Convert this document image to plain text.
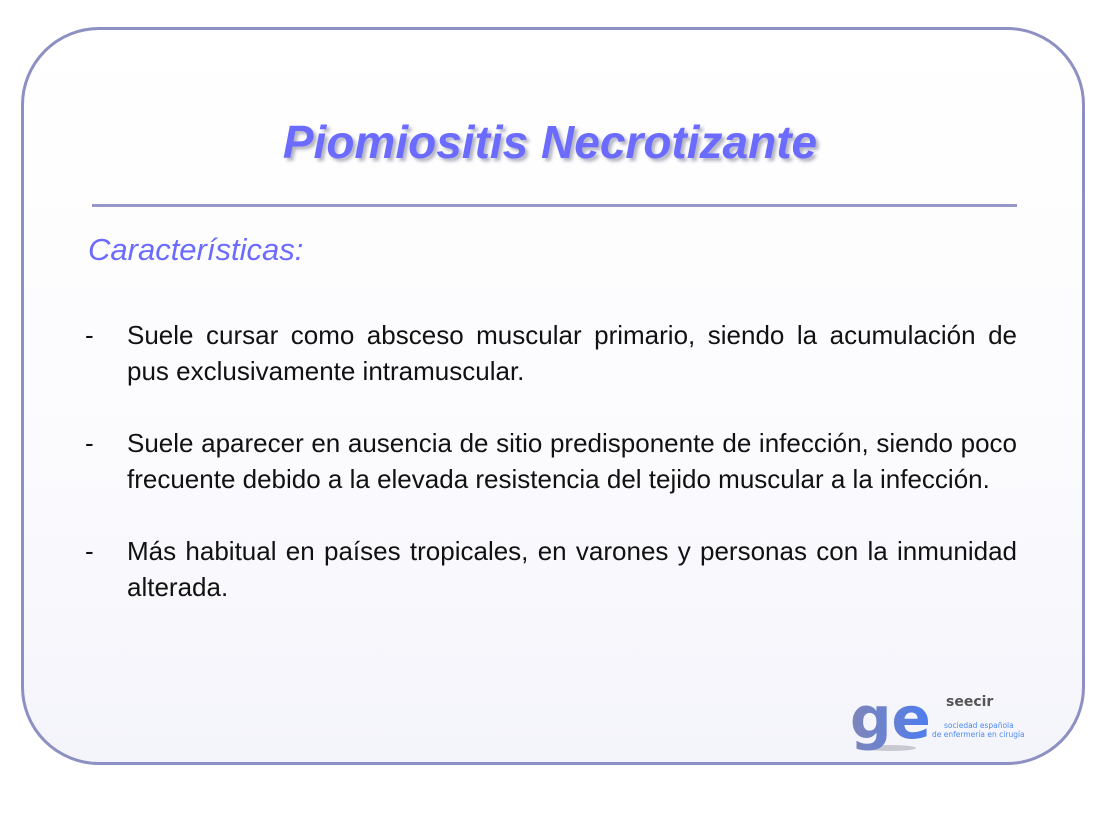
Piomiositis Necrotizante
Características:
-	Suele cursar como absceso muscular primario, siendo la acumulación de pus exclusivamente intramuscular.
-	Suele aparecer en ausencia de sitio predisponente de infección, siendo poco frecuente debido a la elevada resistencia del tejido muscular a la infección.
-	Más habitual en países tropicales, en varones y personas con la inmunidad alterada.
ge seecir
sociedad española
de enfermería en cirugía
